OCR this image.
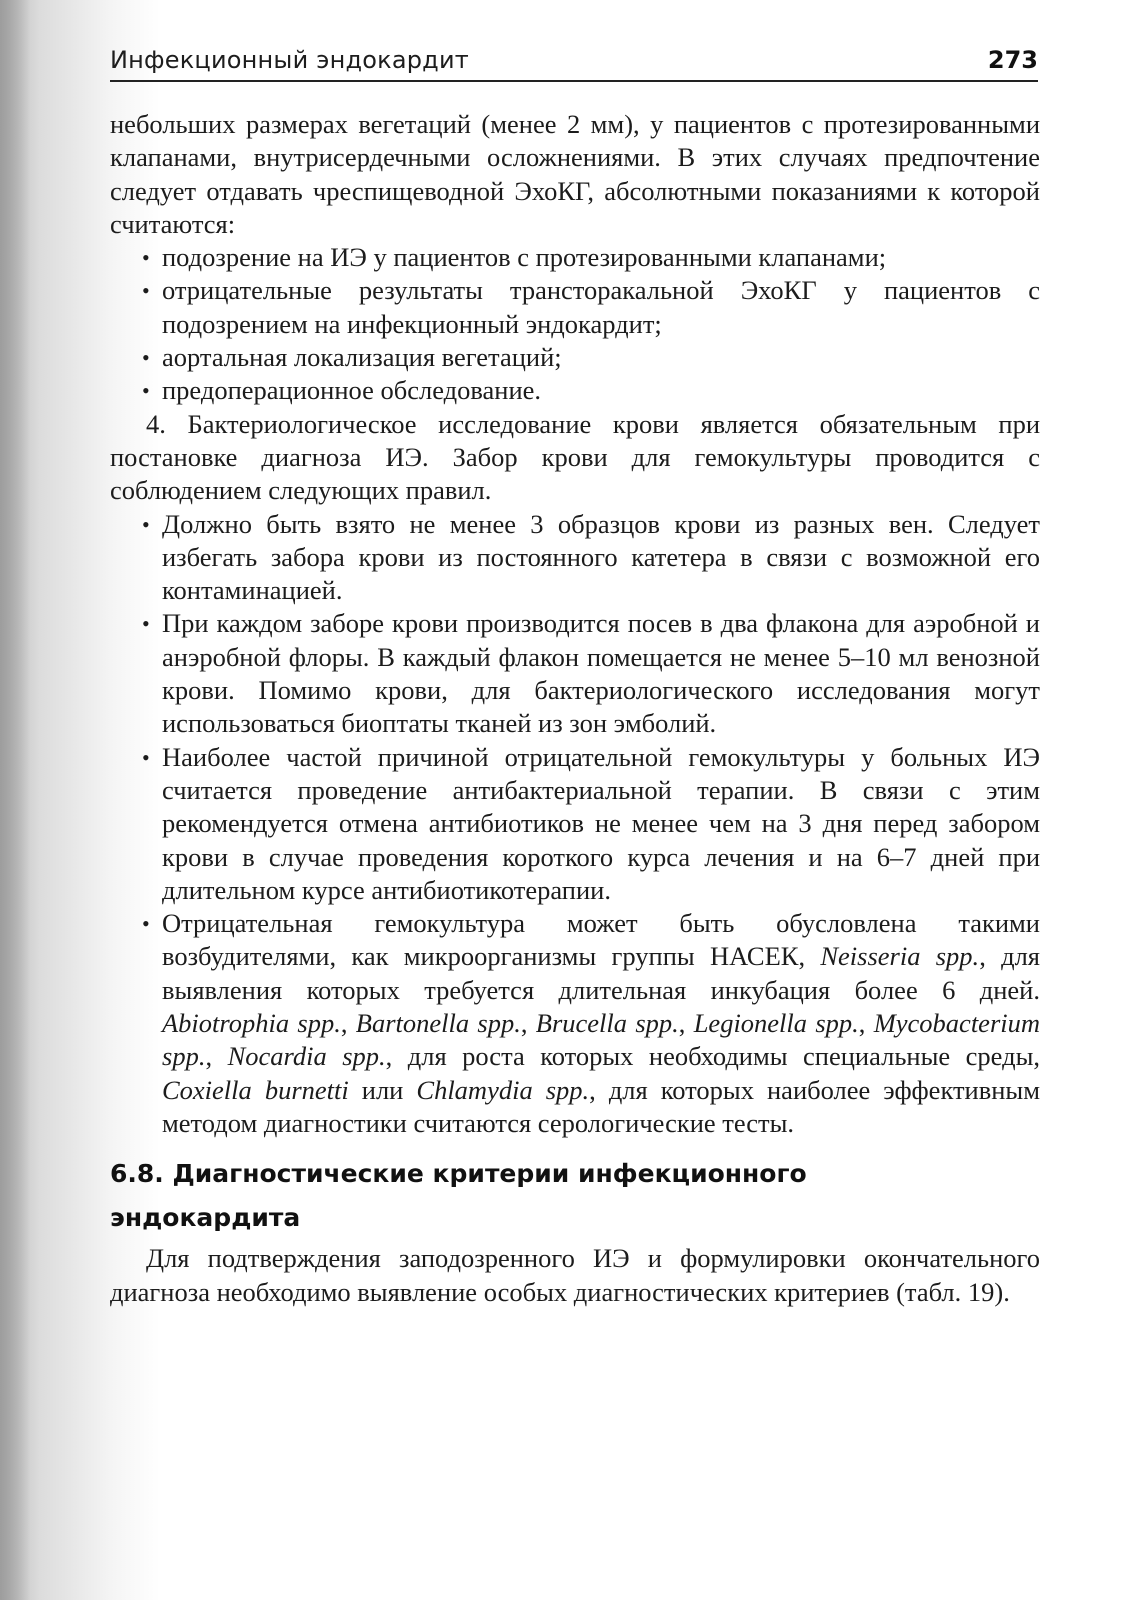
Инфекционный эндокардит	273

небольших размерах вегетаций (менее 2 мм), у пациентов с протезированными клапанами, внутрисердечными осложнениями. В этих случаях предпочтение следует отдавать чреспищеводной ЭхоКГ, абсолютными показаниями к которой считаются:

• подозрение на ИЭ у пациентов с протезированными клапанами;
• отрицательные результаты трансторакальной ЭхоКГ у пациентов с подозрением на инфекционный эндокардит;
• аортальная локализация вегетаций;
• предоперационное обследование.

4. Бактериологическое исследование крови является обязательным при постановке диагноза ИЭ. Забор крови для гемокультуры проводится с соблюдением следующих правил.

• Должно быть взято не менее 3 образцов крови из разных вен. Следует избегать забора крови из постоянного катетера в связи с возможной его контаминацией.
• При каждом заборе крови производится посев в два флакона для аэробной и анэробной флоры. В каждый флакон помещается не менее 5–10 мл венозной крови. Помимо крови, для бактериологического исследования могут использоваться биоптаты тканей из зон эмболий.
• Наиболее частой причиной отрицательной гемокультуры у больных ИЭ считается проведение антибактериальной терапии. В связи с этим рекомендуется отмена антибиотиков не менее чем на 3 дня перед забором крови в случае проведения короткого курса лечения и на 6–7 дней при длительном курсе антибиотикотерапии.
• Отрицательная гемокультура может быть обусловлена такими возбудителями, как микроорганизмы группы НАСЕК, Neisseria spp., для выявления которых требуется длительная инкубация более 6 дней. Abiotrophia spp., Bartonella spp., Brucella spp., Legionella spp., Mycobacterium spp., Nocardia spp., для роста которых необходимы специальные среды, Coxiella burnetti или Chlamydia spp., для которых наиболее эффективным методом диагностики считаются серологические тесты.
6.8. Диагностические критерии инфекционного
эндокардита

Для подтверждения заподозренного ИЭ и формулировки окончательного диагноза необходимо выявление особых диагностических критериев (табл. 19).
